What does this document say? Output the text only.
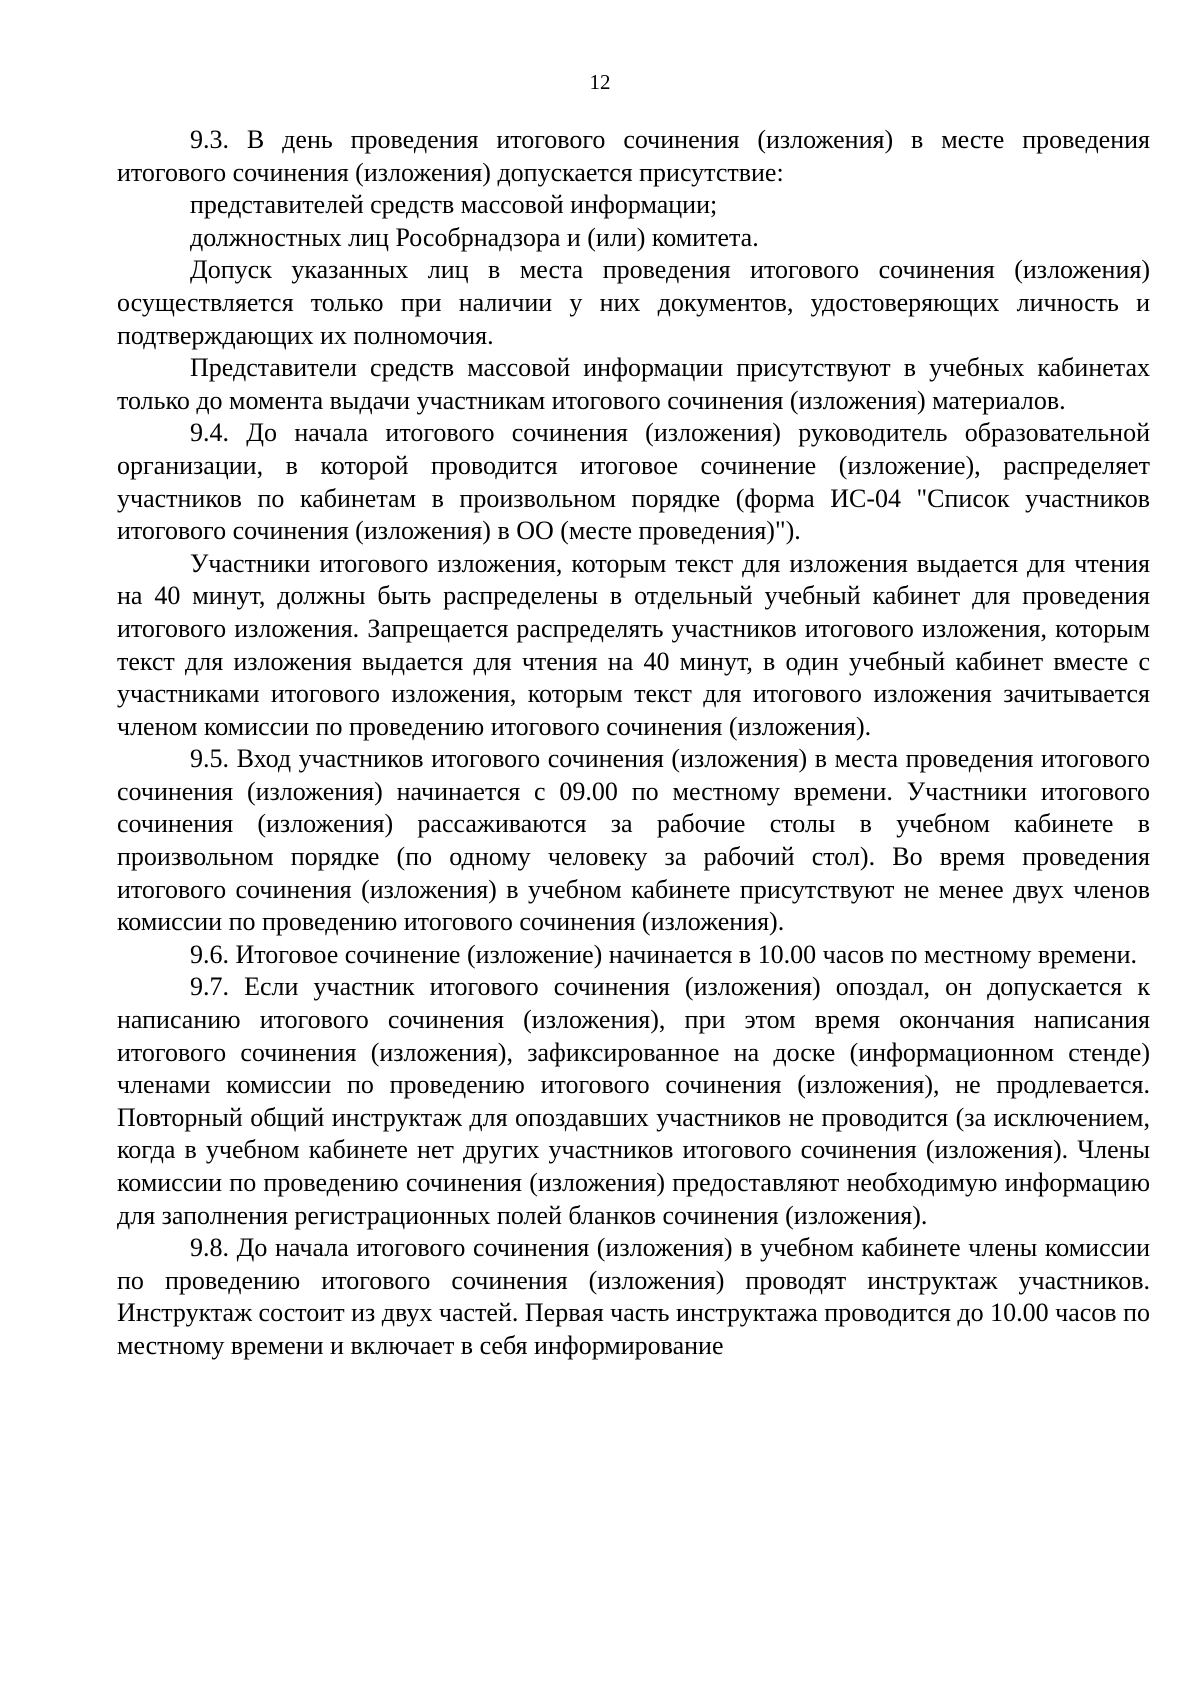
12

9.3. В день проведения итогового сочинения (изложения) в месте проведения итогового сочинения (изложения) допускается присутствие:

представителей средств массовой информации;

должностных лиц Рособрнадзора и (или) комитета.

Допуск указанных лиц в места проведения итогового сочинения (изложения) осуществляется только при наличии у них документов, удостоверяющих личность и подтверждающих их полномочия.

Представители средств массовой информации присутствуют в учебных кабинетах только до момента выдачи участникам итогового сочинения (изложения) материалов.

9.4. До начала итогового сочинения (изложения) руководитель образовательной организации, в которой проводится итоговое сочинение (изложение), распределяет участников по кабинетам в произвольном порядке (форма ИС-04 "Список участников итогового сочинения (изложения) в ОО (месте проведения)").

Участники итогового изложения, которым текст для изложения выдается для чтения на 40 минут, должны быть распределены в отдельный учебный кабинет для проведения итогового изложения. Запрещается распределять участников итогового изложения, которым текст для изложения выдается для чтения на 40 минут, в один учебный кабинет вместе с участниками итогового изложения, которым текст для итогового изложения зачитывается членом комиссии по проведению итогового сочинения (изложения).

9.5. Вход участников итогового сочинения (изложения) в места проведения итогового сочинения (изложения) начинается с 09.00 по местному времени. Участники итогового сочинения (изложения) рассаживаются за рабочие столы в учебном кабинете в произвольном порядке (по одному человеку за рабочий стол). Во время проведения итогового сочинения (изложения) в учебном кабинете присутствуют не менее двух членов комиссии по проведению итогового сочинения (изложения).

9.6. Итоговое сочинение (изложение) начинается в 10.00 часов по местному времени.

9.7. Если участник итогового сочинения (изложения) опоздал, он допускается к написанию итогового сочинения (изложения), при этом время окончания написания итогового сочинения (изложения), зафиксированное на доске (информационном стенде) членами комиссии по проведению итогового сочинения (изложения), не продлевается. Повторный общий инструктаж для опоздавших участников не проводится (за исключением, когда в учебном кабинете нет других участников итогового сочинения (изложения). Члены комиссии по проведению сочинения (изложения) предоставляют необходимую информацию для заполнения регистрационных полей бланков сочинения (изложения).

9.8. До начала итогового сочинения (изложения) в учебном кабинете члены комиссии по проведению итогового сочинения (изложения) проводят инструктаж участников. Инструктаж состоит из двух частей. Первая часть инструктажа проводится до 10.00 часов по местному времени и включает в себя информирование
